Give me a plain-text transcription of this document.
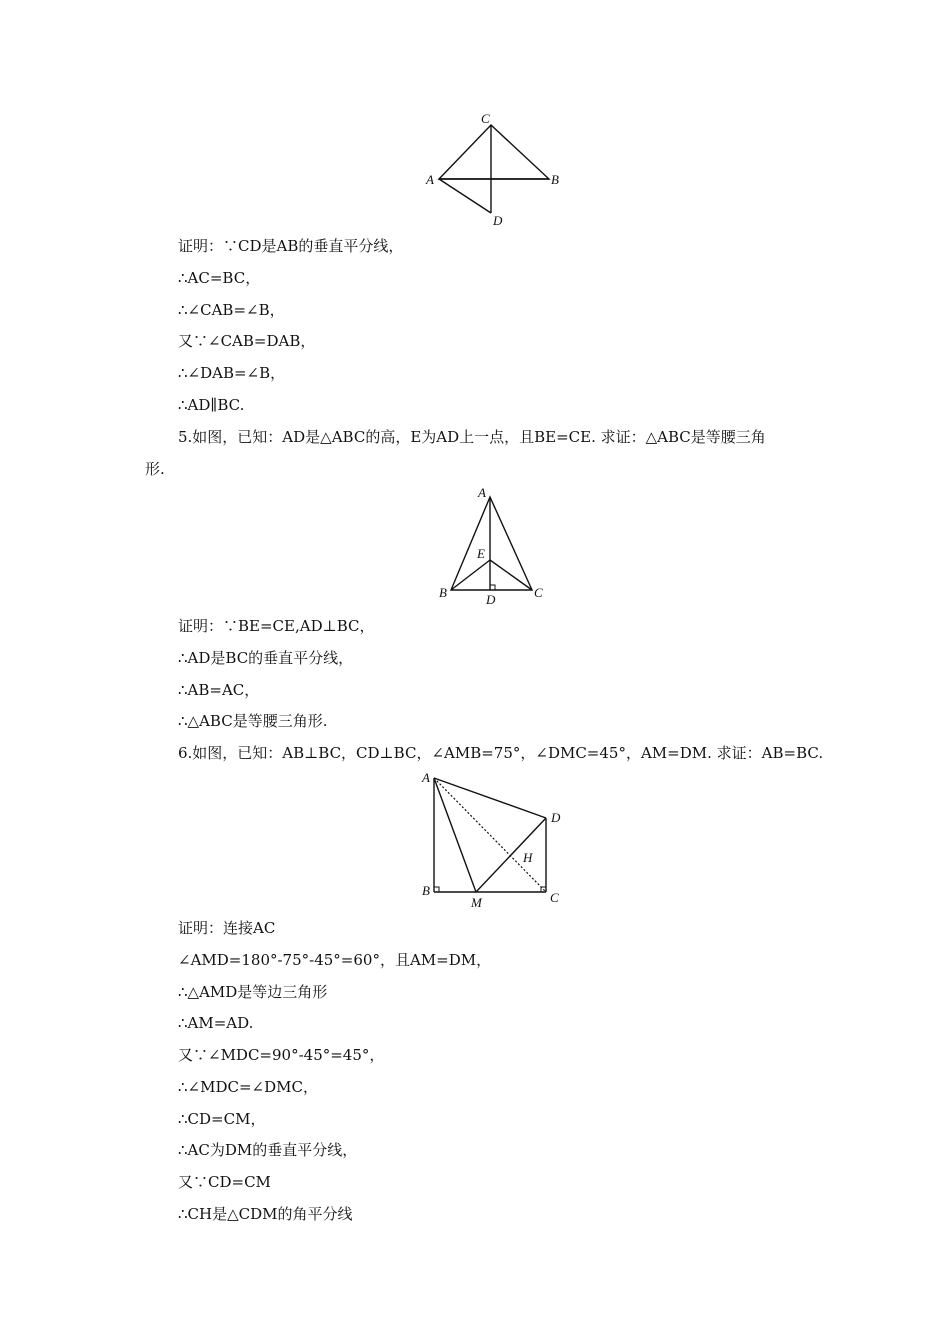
C
A	B
D
证明：∵CD是AB的垂直平分线，
∴AC=BC，
∴∠CAB=∠B，
又∵∠CAB=DAB，
∴∠DAB=∠B，
∴AD∥BC.
5.如图，已知：AD是△ABC的高，E为AD上一点，且BE=CE. 求证：△ABC是等腰三角
形.
A
E
B	D	C
证明：∵BE=CE,AD⊥BC，
∴AD是BC的垂直平分线，
∴AB=AC，
∴△ABC是等腰三角形.
6.如图，已知：AB⊥BC，CD⊥BC，∠AMB=75°，∠DMC=45°，AM=DM. 求证：AB=BC.
A
D
H
B
M	C
证明：连接AC
∠AMD=180°-75°-45°=60°，且AM=DM，
∴△AMD是等边三角形
∴AM=AD.
又∵∠MDC=90°-45°=45°，
∴∠MDC=∠DMC，
∴CD=CM，
∴AC为DM的垂直平分线，
又∵CD=CM
∴CH是△CDM的角平分线
